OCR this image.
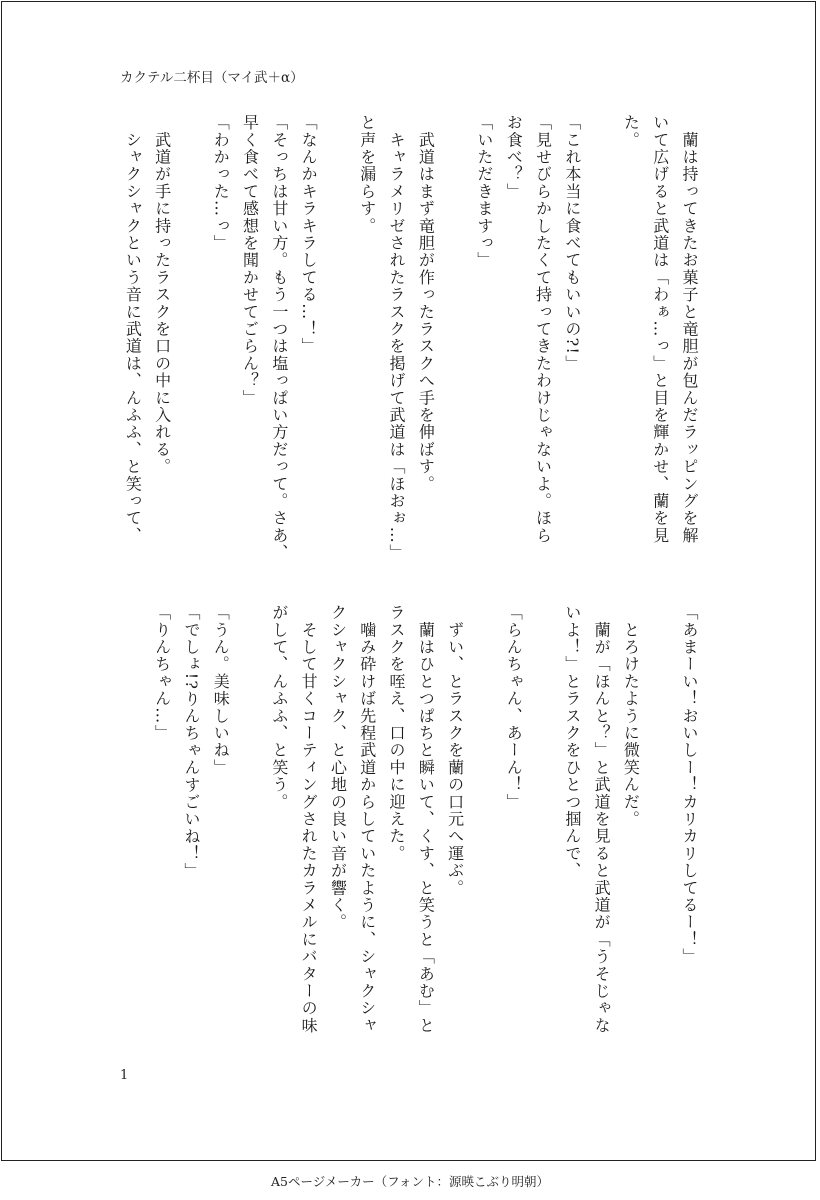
カクテル二杯目（マイ武＋α）
　蘭は持ってきたお菓子と竜胆が包んだラッピングを解
いて広げると武道は「わぁ…っ」と目を輝かせ、蘭を見
た。

「これ本当に食べてもいいの?!」
「見せびらかしたくて持ってきたわけじゃないよ。ほら
お食べ？」
「いただきますっ」

　武道はまず竜胆が作ったラスクへ手を伸ばす。
　キャラメリゼされたラスクを掲げて武道は「ほおぉ…」
と声を漏らす。

「なんかキラキラしてる…！」
「そっちは甘い方。もう一つは塩っぱい方だって。さあ、
早く食べて感想を聞かせてごらん？」
「わかった…っ」

　武道が手に持ったラスクを口の中に入れる。
　シャクシャクという音に武道は、んふふ、と笑って、
「あまーい！おいしー！カリカリしてるー！」

　とろけたように微笑んだ。
　蘭が「ほんと？」と武道を見ると武道が「うそじゃな
いよ！」とラスクをひとつ掴んで、

「らんちゃん、あーん！」

　ずい、とラスクを蘭の口元へ運ぶ。
　蘭はひとつぱちと瞬いて、くす、と笑うと「あむ」と
ラスクを咥え、口の中に迎えた。
　噛み砕けば先程武道からしていたように、シャクシャ
クシャクシャク、と心地の良い音が響く。
　そして甘くコーティングされたカラメルにバターの味
がして、んふふ、と笑う。

「うん。美味しいね」
「でしょ!?りんちゃんすごいね！」
「りんちゃん…」
1
A5ページメーカー（フォント：源暎こぶり明朝）
